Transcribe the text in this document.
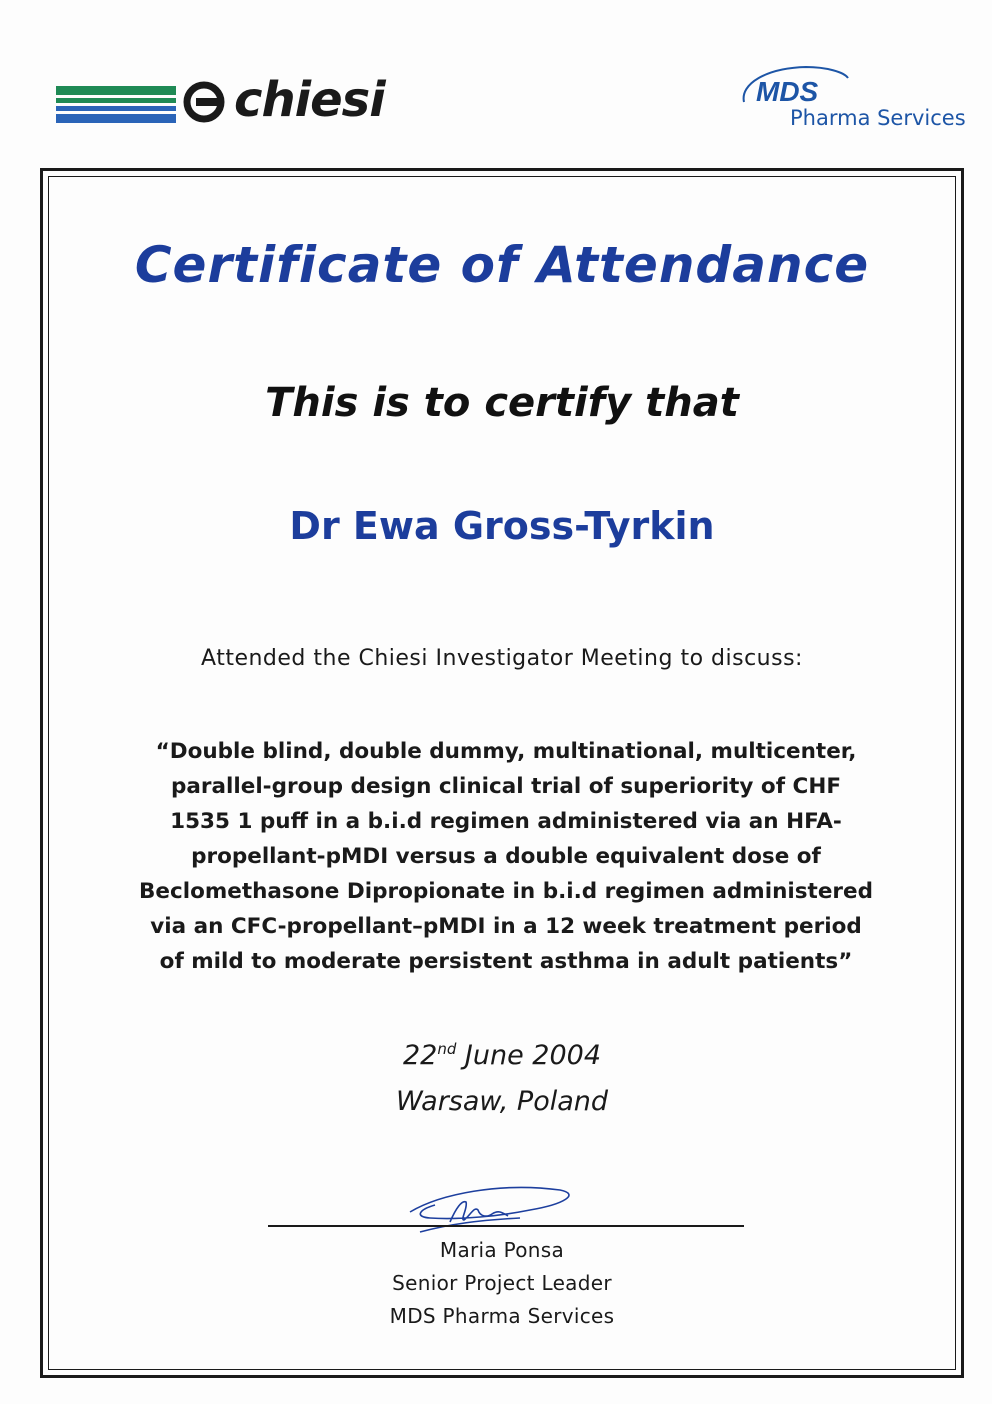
chiesi	MDS
Pharma Services
Certificate of Attendance
This is to certify that
Dr Ewa Gross-Tyrkin
Attended the Chiesi Investigator Meeting to discuss:
“Double blind, double dummy, multinational, multicenter,
parallel-group design clinical trial of superiority of CHF
1535 1 puff in a b.i.d regimen administered via an HFA-
propellant-pMDI versus a double equivalent dose of
Beclomethasone Dipropionate in b.i.d regimen administered
via an CFC-propellant–pMDI in a 12 week treatment period
of mild to moderate persistent asthma in adult patients”
22nd June 2004
Warsaw, Poland
Maria Ponsa
Senior Project Leader
MDS Pharma Services
